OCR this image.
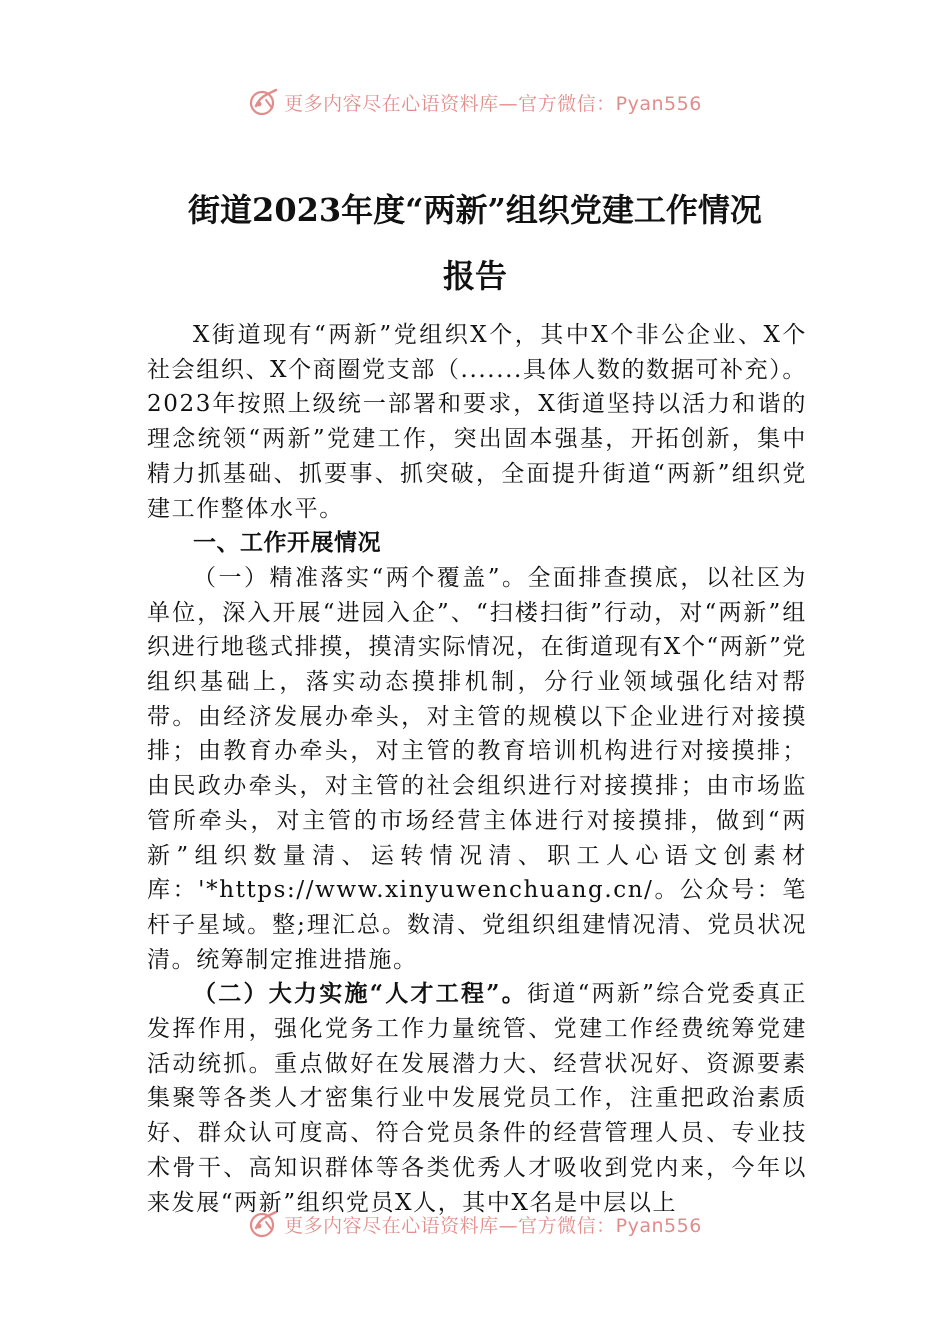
更多内容尽在心语资料库—官方微信：Pyan556
街道2023年度“两新”组织党建工作情况
报告

X街道现有“两新”党组织X个，其中X个非公企业、X个社会组织、X个商圈党支部（.......具体人数的数据可补充）。2023年按照上级统一部署和要求，X街道坚持以活力和谐的理念统领“两新”党建工作，突出固本强基，开拓创新，集中精力抓基础、抓要事、抓突破，全面提升街道“两新”组织党建工作整体水平。

一、工作开展情况

（一）精准落实“两个覆盖”。全面排查摸底，以社区为单位，深入开展“进园入企”、“扫楼扫街”行动，对“两新”组织进行地毯式排摸，摸清实际情况，在街道现有X个“两新”党组织基础上，落实动态摸排机制，分行业领域强化结对帮带。由经济发展办牵头，对主管的规模以下企业进行对接摸排；由教育办牵头，对主管的教育培训机构进行对接摸排；由民政办牵头，对主管的社会组织进行对接摸排；由市场监管所牵头，对主管的市场经营主体进行对接摸排，做到“两新”组织数量清、运转情况清、职工人心语文创素材库：'*https://www.xinyuwenchuang.cn/。公众号：笔杆子星域。整;理汇总。数清、党组织组建情况清、党员状况清。统筹制定推进措施。

（二）大力实施“人才工程”。街道“两新”综合党委真正发挥作用，强化党务工作力量统管、党建工作经费统筹党建活动统抓。重点做好在发展潜力大、经营状况好、资源要素集聚等各类人才密集行业中发展党员工作，注重把政治素质好、群众认可度高、符合党员条件的经营管理人员、专业技术骨干、高知识群体等各类优秀人才吸收到党内来，今年以来发展“两新”组织党员X人，其中X名是中层以上

更多内容尽在心语资料库—官方微信：Pyan556
